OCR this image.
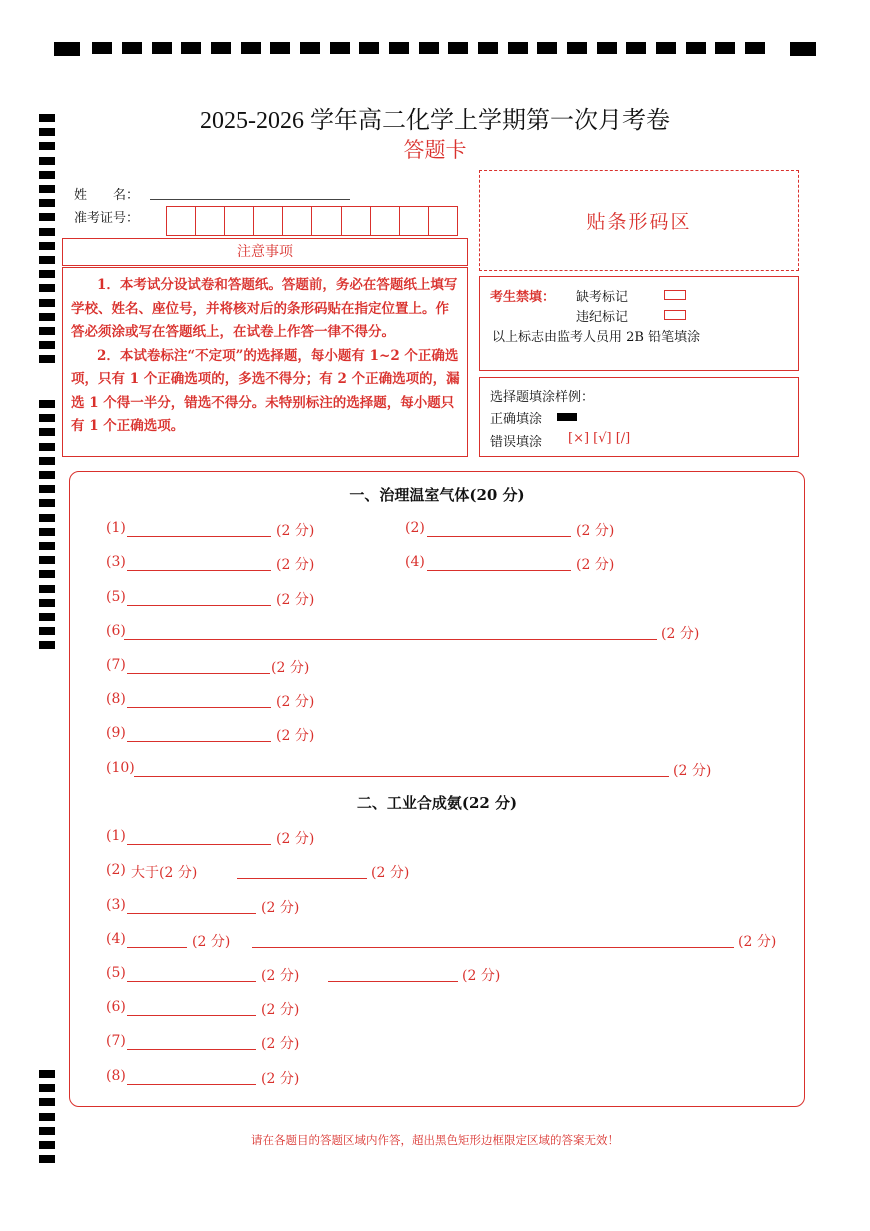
2025-2026 学年高二化学上学期第一次月考卷
答题卡
姓　　名：
准考证号：	贴条形码区
注意事项

1．本考试分设试卷和答题纸。答题前，务必在答题纸上填写学校、姓名、座位号，并将核对后的条形码贴在指定位置上。作答必须涂或写在答题纸上，在试卷上作答一律不得分。

2．本试卷标注“不定项”的选择题，每小题有 1~2 个正确选项，只有 1 个正确选项的，多选不得分；有 2 个正确选项的，漏选 1 个得一半分，错选不得分。未特别标注的选择题，每小题只有 1 个正确选项。

考生禁填： 缺考标记
违纪标记
以上标志由监考人员用 2B 铅笔填涂
选择题填涂样例：
正确填涂
错误填涂 [×] [√] [/]
一、治理温室气体(20 分)
(1)	(2 分)	(2)	(2 分)
(3)	(2 分)	(4)	(2 分)
(5)	(2 分)
(6)	(2 分)
(7)	(2 分)
(8)	(2 分)
(9)	(2 分)
(10)	(2 分)
二、工业合成氨(22 分)
(1)	(2 分)
(2) 大于(2 分)	(2 分)
(3)	(2 分)
(4)	(2 分)	(2 分)
(5)	(2 分)	(2 分)
(6)	(2 分)
(7)	(2 分)
(8)	(2 分)
请在各题目的答题区域内作答，超出黑色矩形边框限定区域的答案无效！
